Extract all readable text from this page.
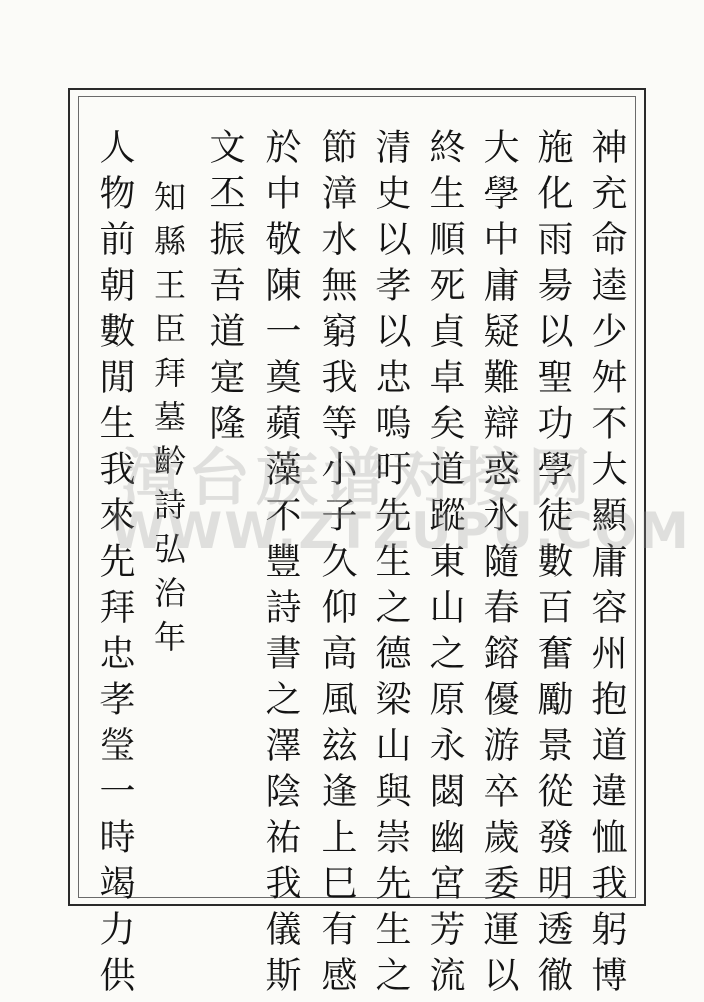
神充命逵少舛不大顯庸容州抱道違恤我躬博
施化雨昜以聖功學徒數百奮勵景從發明透徹
大學中庸疑難辯惑氷隨春鎔優游卒歲委運以
終生順死貞卓矣道蹤東山之原永閟幽宮芳流
清史以孝以忠嗚吁先生之德梁山與崇先生之
節漳水無窮我等小子久仰高風玆逢上巳有感
於中敬陳一奠蘋藻不豐詩書之澤陰祐我儀斯
文丕振吾道寔隆
知縣王臣拜墓䶖詩弘治年
人物前朝數閒生我來先拜忠孝瑩一時竭力供
漳台族谱对接网
WWW.ZTZUPU.COM
